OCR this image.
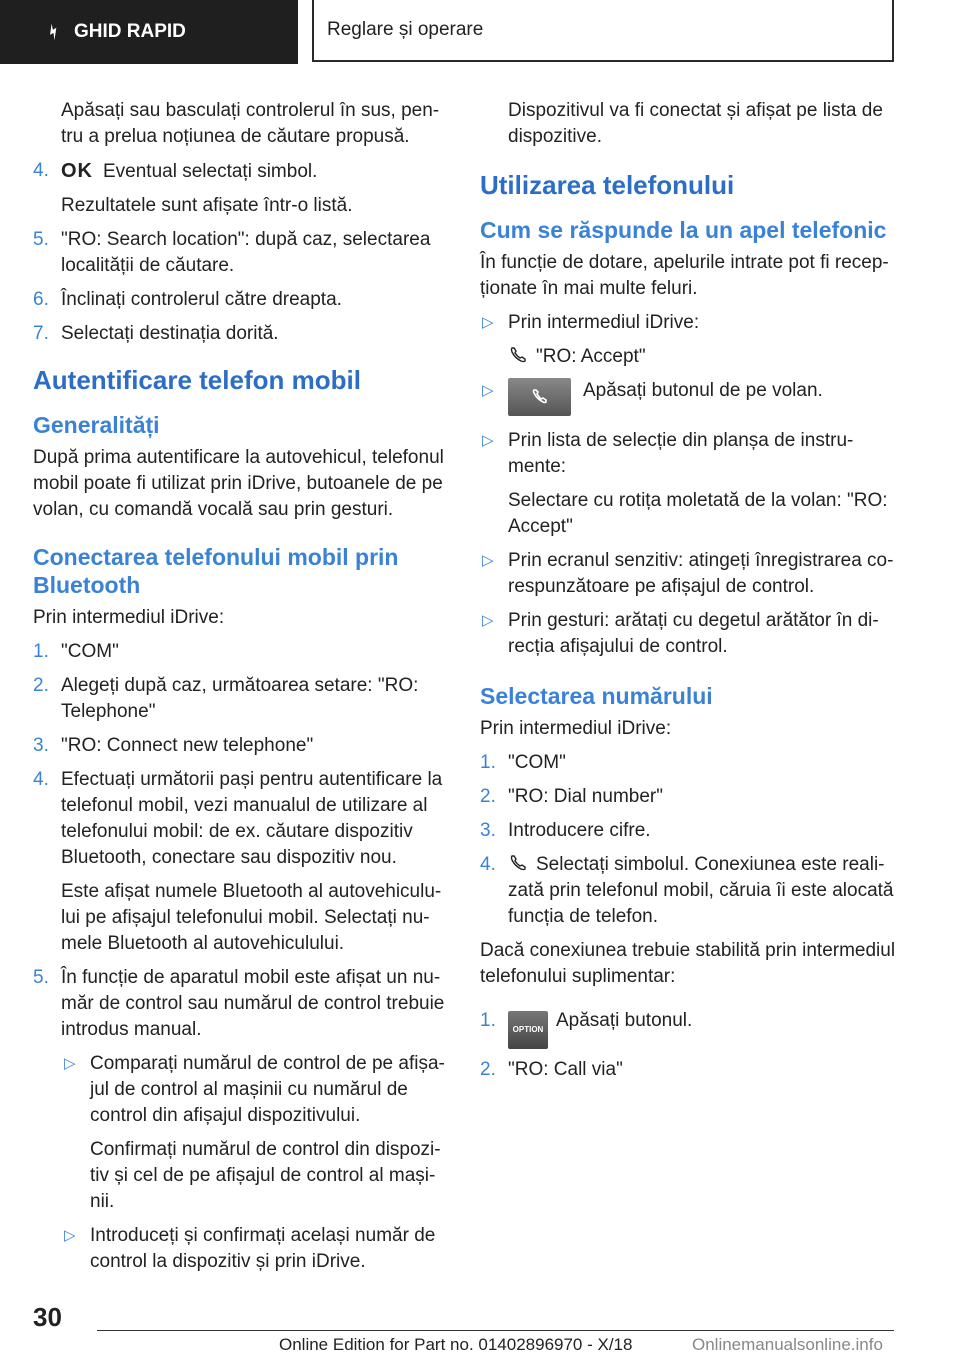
GHID RAPID	Reglare și operare

Apăsați sau basculați controlerul în sus, pen-tru a prelua noțiunea de căutare propusă.

4. OK Eventual selectați simbol.

Rezultatele sunt afișate într-o listă.

5. "RO: Search location": după caz, selectarea localității de căutare.
6. Înclinați controlerul către dreapta.
7. Selectați destinația dorită.
Autentificare telefon mobil
Generalități

După prima autentificare la autovehicul, telefonul mobil poate fi utilizat prin iDrive, butoanele de pe volan, cu comandă vocală sau prin gesturi.

Conectarea telefonului mobil prin Bluetooth

Prin intermediul iDrive:

1. "COM"
2. Alegeți după caz, următoarea setare: "RO: Telephone"
3. "RO: Connect new telephone"
4. Efectuați următorii pași pentru autentificare la telefonul mobil, vezi manualul de utilizare al telefonului mobil: de ex. căutare dispozitiv Bluetooth, conectare sau dispozitiv nou.

Este afișat numele Bluetooth al autovehiculu-lui pe afișajul telefonului mobil. Selectați nu-mele Bluetooth al autovehiculului.

5. În funcție de aparatul mobil este afișat un nu-măr de control sau numărul de control trebuie introdus manual.
▷ Comparați numărul de control de pe afișa-jul de control al mașinii cu numărul de control din afișajul dispozitivului.

Confirmați numărul de control din dispozi-tiv și cel de pe afișajul de control al mași-nii.

▷ Introduceți și confirmați același număr de control la dispozitiv și prin iDrive.

Dispozitivul va fi conectat și afișat pe lista de dispozitive.

Utilizarea telefonului
Cum se răspunde la un apel telefonic

În funcție de dotare, apelurile intrate pot fi recep-ționate în mai multe feluri.

▷ Prin intermediul iDrive:

"RO: Accept"

▷	Apăsați butonul de pe volan.
▷ Prin lista de selecție din planșa de instru-mente:

Selectare cu rotița moletată de la volan: "RO: Accept"

▷ Prin ecranul senzitiv: atingeți înregistrarea co-respunzătoare pe afișajul de control.
▷ Prin gesturi: arătați cu degetul arătător în di-recția afișajului de control.
Selectarea numărului

Prin intermediul iDrive:

1. "COM"
2. "RO: Dial number"
3. Introducere cifre.
4. Selectați simbolul. Conexiunea este reali-zată prin telefonul mobil, căruia îi este alocată funcția de telefon.

Dacă conexiunea trebuie stabilită prin intermediul telefonului suplimentar:

1. OPTION Apăsați butonul.
2. "RO: Call via"
30
Online Edition for Part no. 01402896970 - X/18	Onlinemanualsonline.info
